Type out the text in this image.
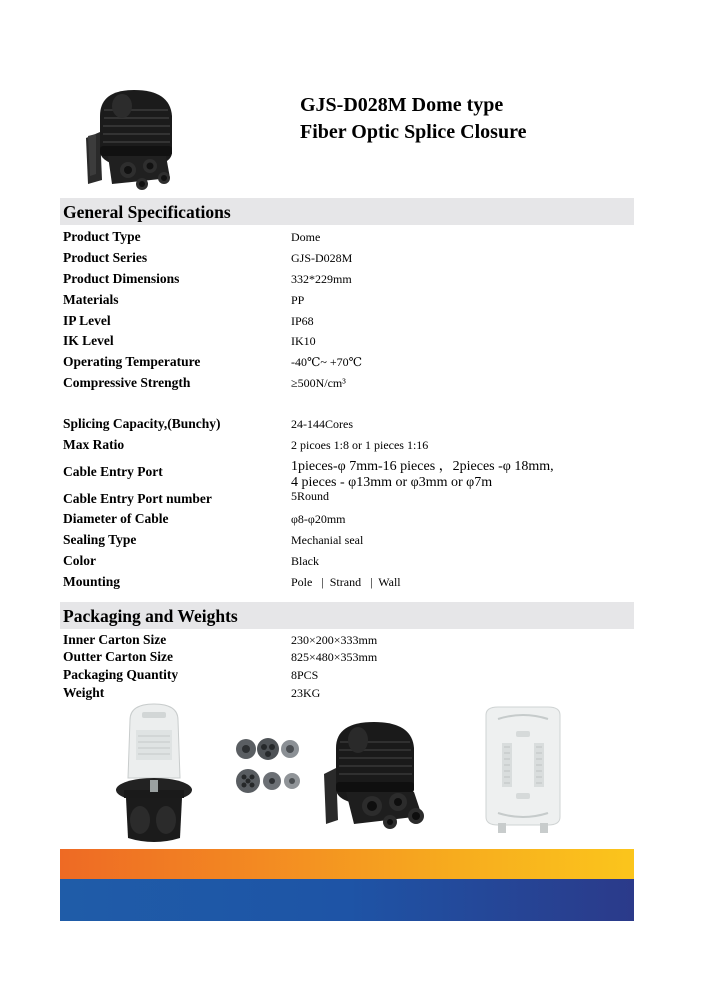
GJS-D028M Dome type
Fiber Optic Splice Closure
General Specifications
Product Type	Dome
Product Series	GJS-D028M
Product Dimensions	332*229mm
Materials	PP
IP Level	IP68
IK Level	IK10
Operating Temperature	-40℃~ +70℃
Compressive Strength	≥500N/cm³
Splicing Capacity,(Bunchy)	24-144Cores
Max Ratio	2 picoes 1:8 or 1 pieces 1:16
Cable Entry Port	1pieces-φ 7mm-16 pieces ，2pieces -φ 18mm,
4 pieces - φ13mm or φ3mm or φ7m
Cable Entry Port number	5Round
Diameter of Cable	φ8-φ20mm
Sealing Type	Mechanial seal
Color	Black
Mounting	Pole   |  Strand   |  Wall
Packaging and Weights
Inner Carton Size	230×200×333mm
Outter Carton Size	825×480×353mm
Packaging Quantity	8PCS
Weight	23KG
